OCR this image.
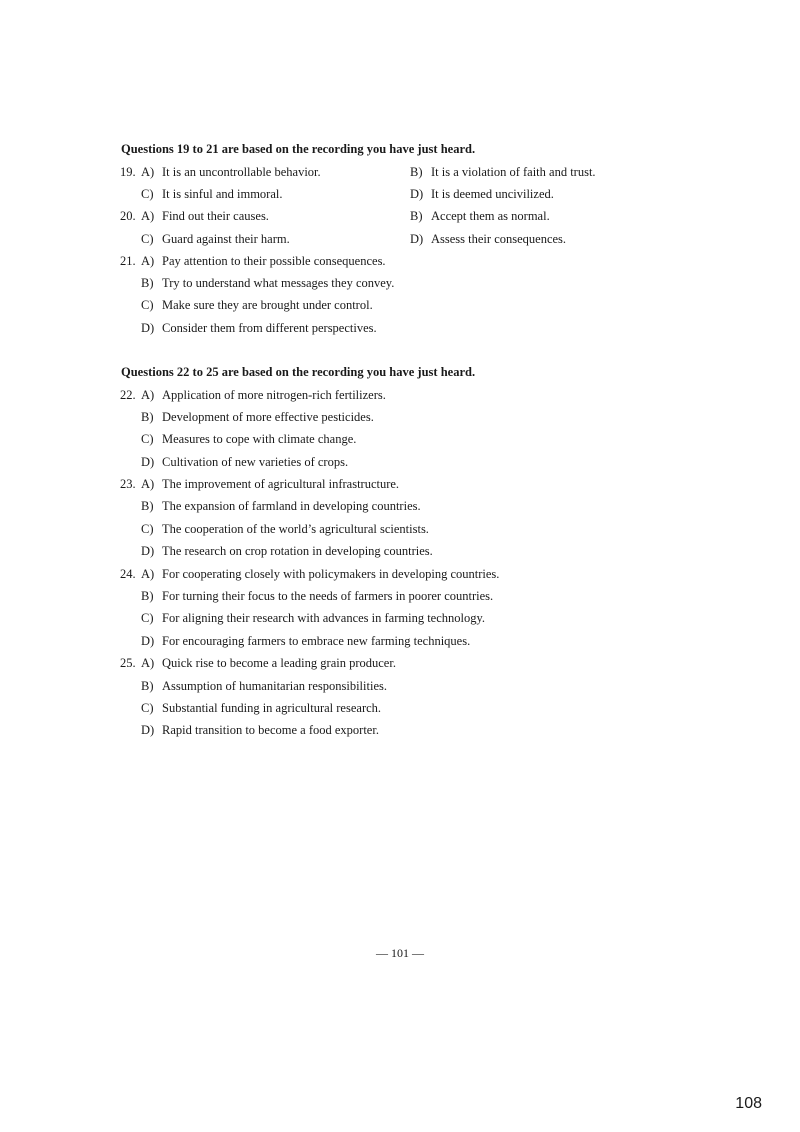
Questions 19 to 21 are based on the recording you have just heard.
19. A) It is an uncontrollable behavior.	B) It is a violation of faith and trust.
C) It is sinful and immoral.	D) It is deemed uncivilized.
20. A) Find out their causes.	B) Accept them as normal.
C) Guard against their harm.	D) Assess their consequences.
21. A) Pay attention to their possible consequences.
B) Try to understand what messages they convey.
C) Make sure they are brought under control.
D) Consider them from different perspectives.
Questions 22 to 25 are based on the recording you have just heard.
22. A) Application of more nitrogen-rich fertilizers.
B) Development of more effective pesticides.
C) Measures to cope with climate change.
D) Cultivation of new varieties of crops.
23. A) The improvement of agricultural infrastructure.
B) The expansion of farmland in developing countries.
C) The cooperation of the world’s agricultural scientists.
D) The research on crop rotation in developing countries.
24. A) For cooperating closely with policymakers in developing countries.
B) For turning their focus to the needs of farmers in poorer countries.
C) For aligning their research with advances in farming technology.
D) For encouraging farmers to embrace new farming techniques.
25. A) Quick rise to become a leading grain producer.
B) Assumption of humanitarian responsibilities.
C) Substantial funding in agricultural research.
D) Rapid transition to become a food exporter.
— 101 —
108
